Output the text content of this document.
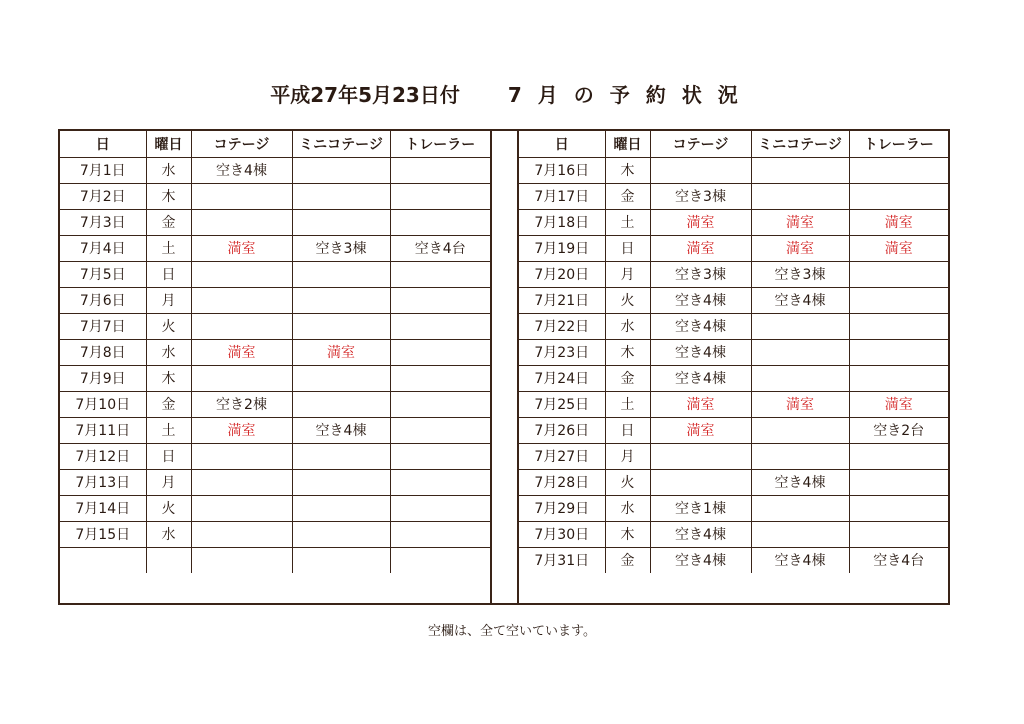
平成27年5月23日付 7月の予約状況
日	曜日	コテージ	ミニコテージ	トレーラー
7月1日	水	空き4棟		
7月2日	木			
7月3日	金			
7月4日	土	満室	空き3棟	空き4台
7月5日	日			
7月6日	月			
7月7日	火			
7月8日	水	満室	満室	
7月9日	木			
7月10日	金	空き2棟		
7月11日	土	満室	空き4棟	
7月12日	日			
7月13日	月			
7月14日	火			
7月15日	水			

日	曜日	コテージ	ミニコテージ	トレーラー
7月16日	木			
7月17日	金	空き3棟		
7月18日	土	満室	満室	満室
7月19日	日	満室	満室	満室
7月20日	月	空き3棟	空き3棟	
7月21日	火	空き4棟	空き4棟	
7月22日	水	空き4棟		
7月23日	木	空き4棟		
7月24日	金	空き4棟		
7月25日	土	満室	満室	満室
7月26日	日	満室		空き2台
7月27日	月			
7月28日	火		空き4棟	
7月29日	水	空き1棟		
7月30日	木	空き4棟		
7月31日	金	空き4棟	空き4棟	空き4台
空欄は、全て空いています。
